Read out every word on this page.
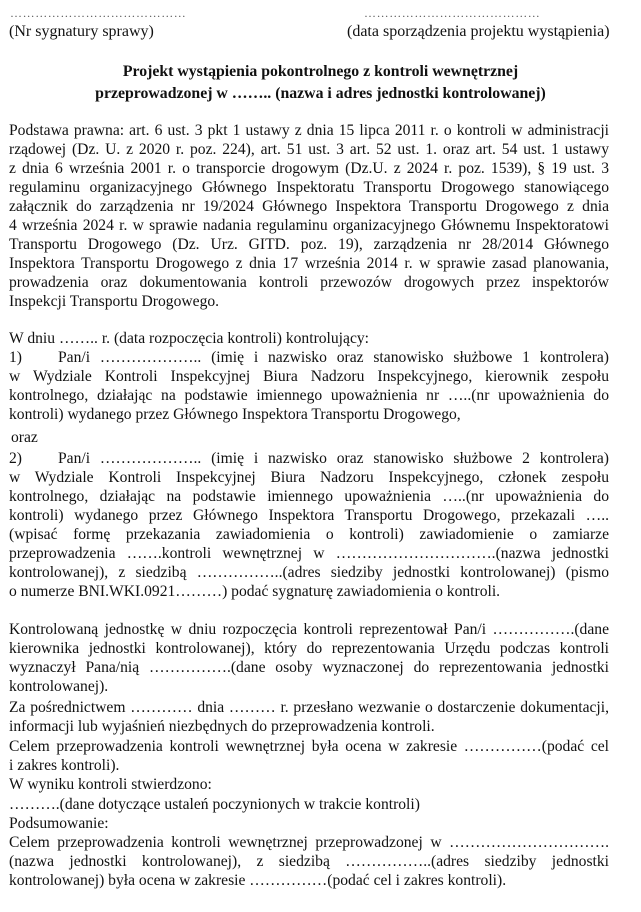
……………………………………
(Nr sygnatury sprawy)
……………………………………
(data sporządzenia projektu wystąpienia)
Projekt wystąpienia pokontrolnego z kontroli wewnętrznej
przeprowadzonej w …….. (nazwa i adres jednostki kontrolowanej)
Podstawa prawna: art. 6 ust. 3 pkt 1 ustawy z dnia 15 lipca 2011 r. o kontroli w administracji
rządowej (Dz. U. z 2020 r. poz. 224), art. 51 ust. 3 art. 52 ust. 1. oraz art. 54 ust. 1 ustawy
z dnia 6 września 2001 r. o transporcie drogowym (Dz.U. z 2024 r. poz. 1539), § 19 ust. 3
regulaminu organizacyjnego Głównego Inspektoratu Transportu Drogowego stanowiącego
załącznik do zarządzenia nr 19/2024 Głównego Inspektora Transportu Drogowego z dnia
4 września 2024 r. w sprawie nadania regulaminu organizacyjnego Głównemu Inspektoratowi
Transportu Drogowego (Dz. Urz. GITD. poz. 19), zarządzenia nr 28/2014 Głównego
Inspektora Transportu Drogowego z dnia 17 września 2014 r. w sprawie zasad planowania,
prowadzenia oraz dokumentowania kontroli przewozów drogowych przez inspektorów
Inspekcji Transportu Drogowego.
W dniu …….. r. (data rozpoczęcia kontroli) kontrolujący:
1) Pan/i ……………….. (imię i nazwisko oraz stanowisko służbowe 1 kontrolera)
w Wydziale Kontroli Inspekcyjnej Biura Nadzoru Inspekcyjnego, kierownik zespołu
kontrolnego, działając na podstawie imiennego upoważnienia nr …..(nr upoważnienia do
kontroli) wydanego przez Głównego Inspektora Transportu Drogowego,
oraz
2) Pan/i ……………….. (imię i nazwisko oraz stanowisko służbowe 2 kontrolera)
w Wydziale Kontroli Inspekcyjnej Biura Nadzoru Inspekcyjnego, członek zespołu
kontrolnego, działając na podstawie imiennego upoważnienia …..(nr upoważnienia do
kontroli) wydanego przez Głównego Inspektora Transportu Drogowego, przekazali …..
(wpisać formę przekazania zawiadomienia o kontroli) zawiadomienie o zamiarze
przeprowadzenia …….kontroli wewnętrznej w ………………………….(nazwa jednostki
kontrolowanej), z siedzibą ……………..(adres siedziby jednostki kontrolowanej) (pismo
o numerze BNI.WKI.0921………) podać sygnaturę zawiadomienia o kontroli.
Kontrolowaną jednostkę w dniu rozpoczęcia kontroli reprezentował Pan/i …………….(dane
kierownika jednostki kontrolowanej), który do reprezentowania Urzędu podczas kontroli
wyznaczył Pana/nią …………….(dane osoby wyznaczonej do reprezentowania jednostki
kontrolowanej).
Za pośrednictwem ………… dnia ……… r. przesłano wezwanie o dostarczenie dokumentacji,
informacji lub wyjaśnień niezbędnych do przeprowadzenia kontroli.
Celem przeprowadzenia kontroli wewnętrznej była ocena w zakresie ……………(podać cel
i zakres kontroli).
W wyniku kontroli stwierdzono:
……….(dane dotyczące ustaleń poczynionych w trakcie kontroli)
Podsumowanie:
Celem przeprowadzenia kontroli wewnętrznej przeprowadzonej w ………………………….
(nazwa jednostki kontrolowanej), z siedzibą ……………..(adres siedziby jednostki
kontrolowanej) była ocena w zakresie ……………(podać cel i zakres kontroli).
